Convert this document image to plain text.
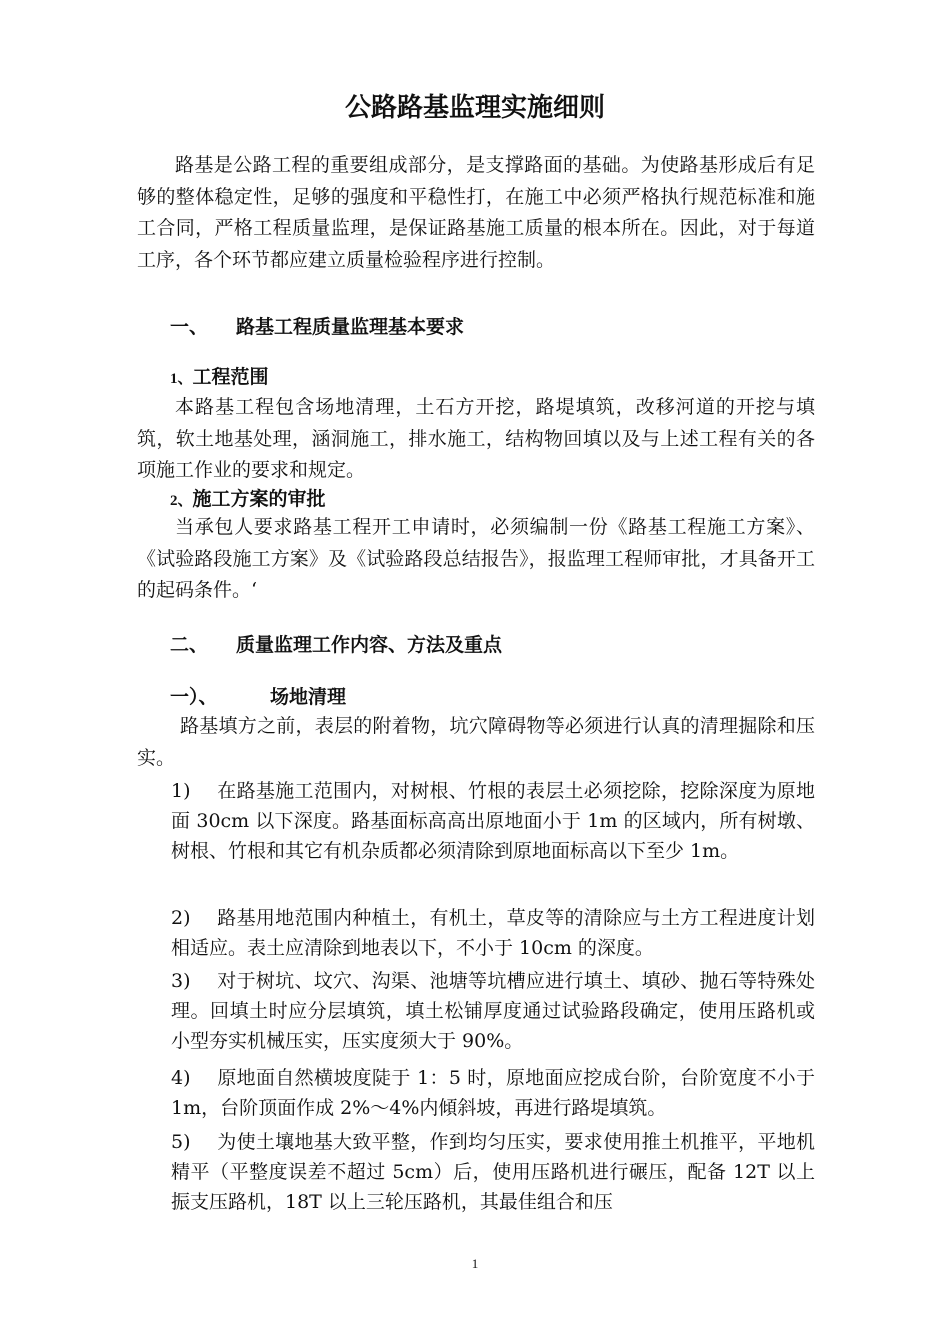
公路路基监理实施细则
路基是公路工程的重要组成部分，是支撑路面的基础。为使路基形成后有足够的整体稳定性，足够的强度和平稳性打，在施工中必须严格执行规范标准和施工合同，严格工程质量监理，是保证路基施工质量的根本所在。因此，对于每道工序，各个环节都应建立质量检验程序进行控制。
一、 路基工程质量监理基本要求
1、工程范围
本路基工程包含场地清理，土石方开挖，路堤填筑，改移河道的开挖与填筑，软土地基处理，涵洞施工，排水施工，结构物回填以及与上述工程有关的各项施工作业的要求和规定。
2、施工方案的审批
当承包人要求路基工程开工申请时，必须编制一份《路基工程施工方案》、《试验路段施工方案》及《试验路段总结报告》，报监理工程师审批，才具备开工的起码条件。‘
二、 质量监理工作内容、方法及重点
一）、	场地清理
路基填方之前，表层的附着物，坑穴障碍物等必须进行认真的清理掘除和压实。
1) 在路基施工范围内，对树根、竹根的表层土必须挖除，挖除深度为原地面 30cm 以下深度。路基面标高高出原地面小于 1m 的区域内，所有树墩、树根、竹根和其它有机杂质都必须清除到原地面标高以下至少 1m。
2) 路基用地范围内种植土，有机土，草皮等的清除应与土方工程进度计划相适应。表土应清除到地表以下，不小于 10cm 的深度。
3) 对于树坑、坟穴、沟渠、池塘等坑槽应进行填土、填砂、抛石等特殊处理。回填土时应分层填筑，填土松铺厚度通过试验路段确定，使用压路机或小型夯实机械压实，压实度须大于 90%。
4) 原地面自然横坡度陡于 1：5 时，原地面应挖成台阶，台阶宽度不小于 1m，台阶顶面作成 2%～4%内傾斜坡，再进行路堤填筑。
5) 为使土壤地基大致平整，作到均匀压实，要求使用推土机推平，平地机精平（平整度误差不超过 5cm）后，使用压路机进行碾压，配备 12T 以上振支压路机，18T 以上三轮压路机，其最佳组合和压
1
